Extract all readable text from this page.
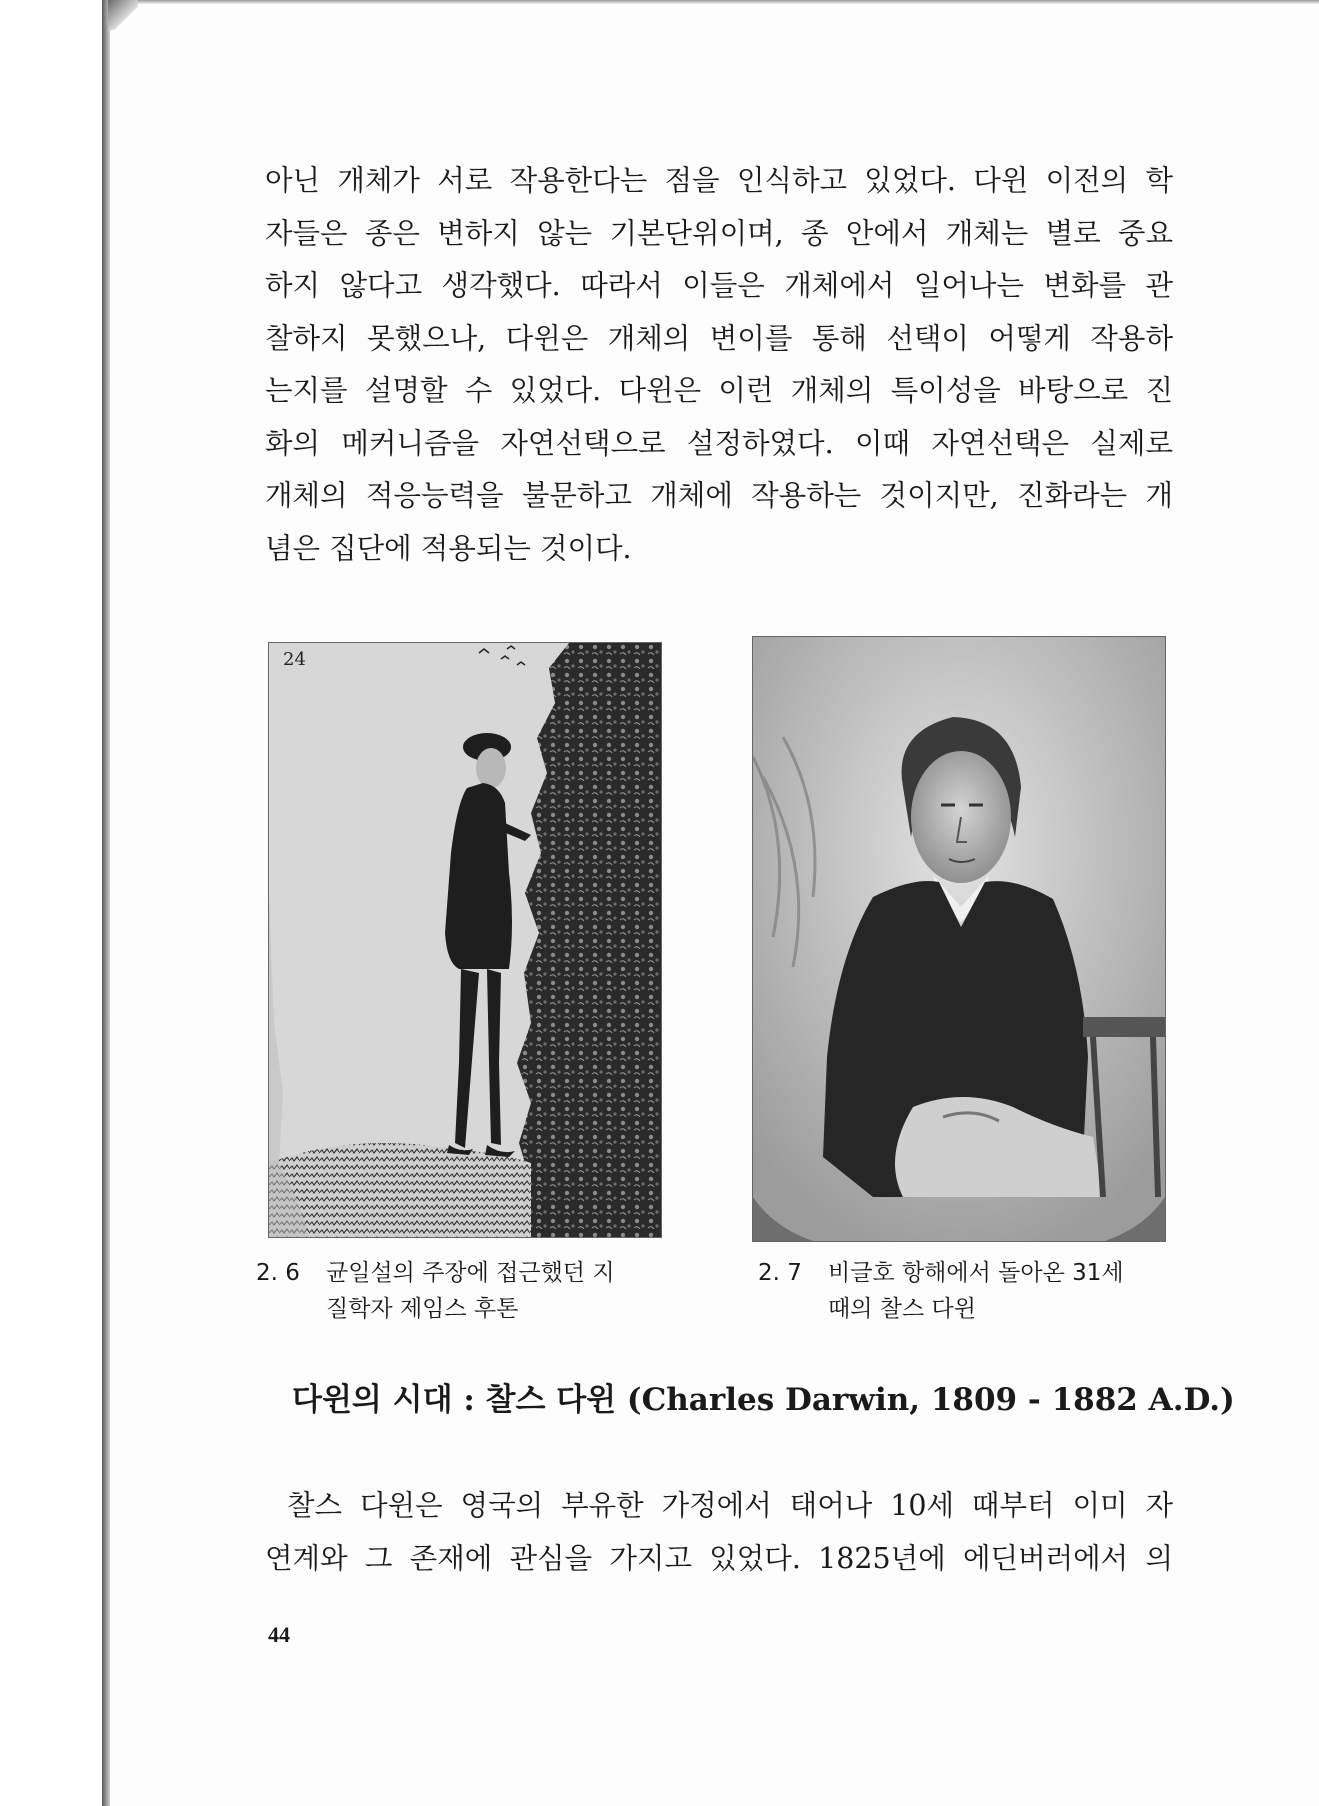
아닌 개체가 서로 작용한다는 점을 인식하고 있었다. 다윈 이전의 학
자들은 종은 변하지 않는 기본단위이며, 종 안에서 개체는 별로 중요
하지 않다고 생각했다. 따라서 이들은 개체에서 일어나는 변화를 관
찰하지 못했으나, 다윈은 개체의 변이를 통해 선택이 어떻게 작용하
는지를 설명할 수 있었다. 다윈은 이런 개체의 특이성을 바탕으로 진
화의 메커니즘을 자연선택으로 설정하였다. 이때 자연선택은 실제로
개체의 적응능력을 불문하고 개체에 작용하는 것이지만, 진화라는 개
념은 집단에 적용되는 것이다.
24
2. 6 균일설의 주장에 접근했던 지
질학자 제임스 후톤
2. 7 비글호 항해에서 돌아온 31세
때의 찰스 다윈
다윈의 시대 : 찰스 다윈 (Charles Darwin, 1809 - 1882 A.D.)
찰스 다윈은 영국의 부유한 가정에서 태어나 10세 때부터 이미 자
연계와 그 존재에 관심을 가지고 있었다. 1825년에 에딘버러에서 의
44
